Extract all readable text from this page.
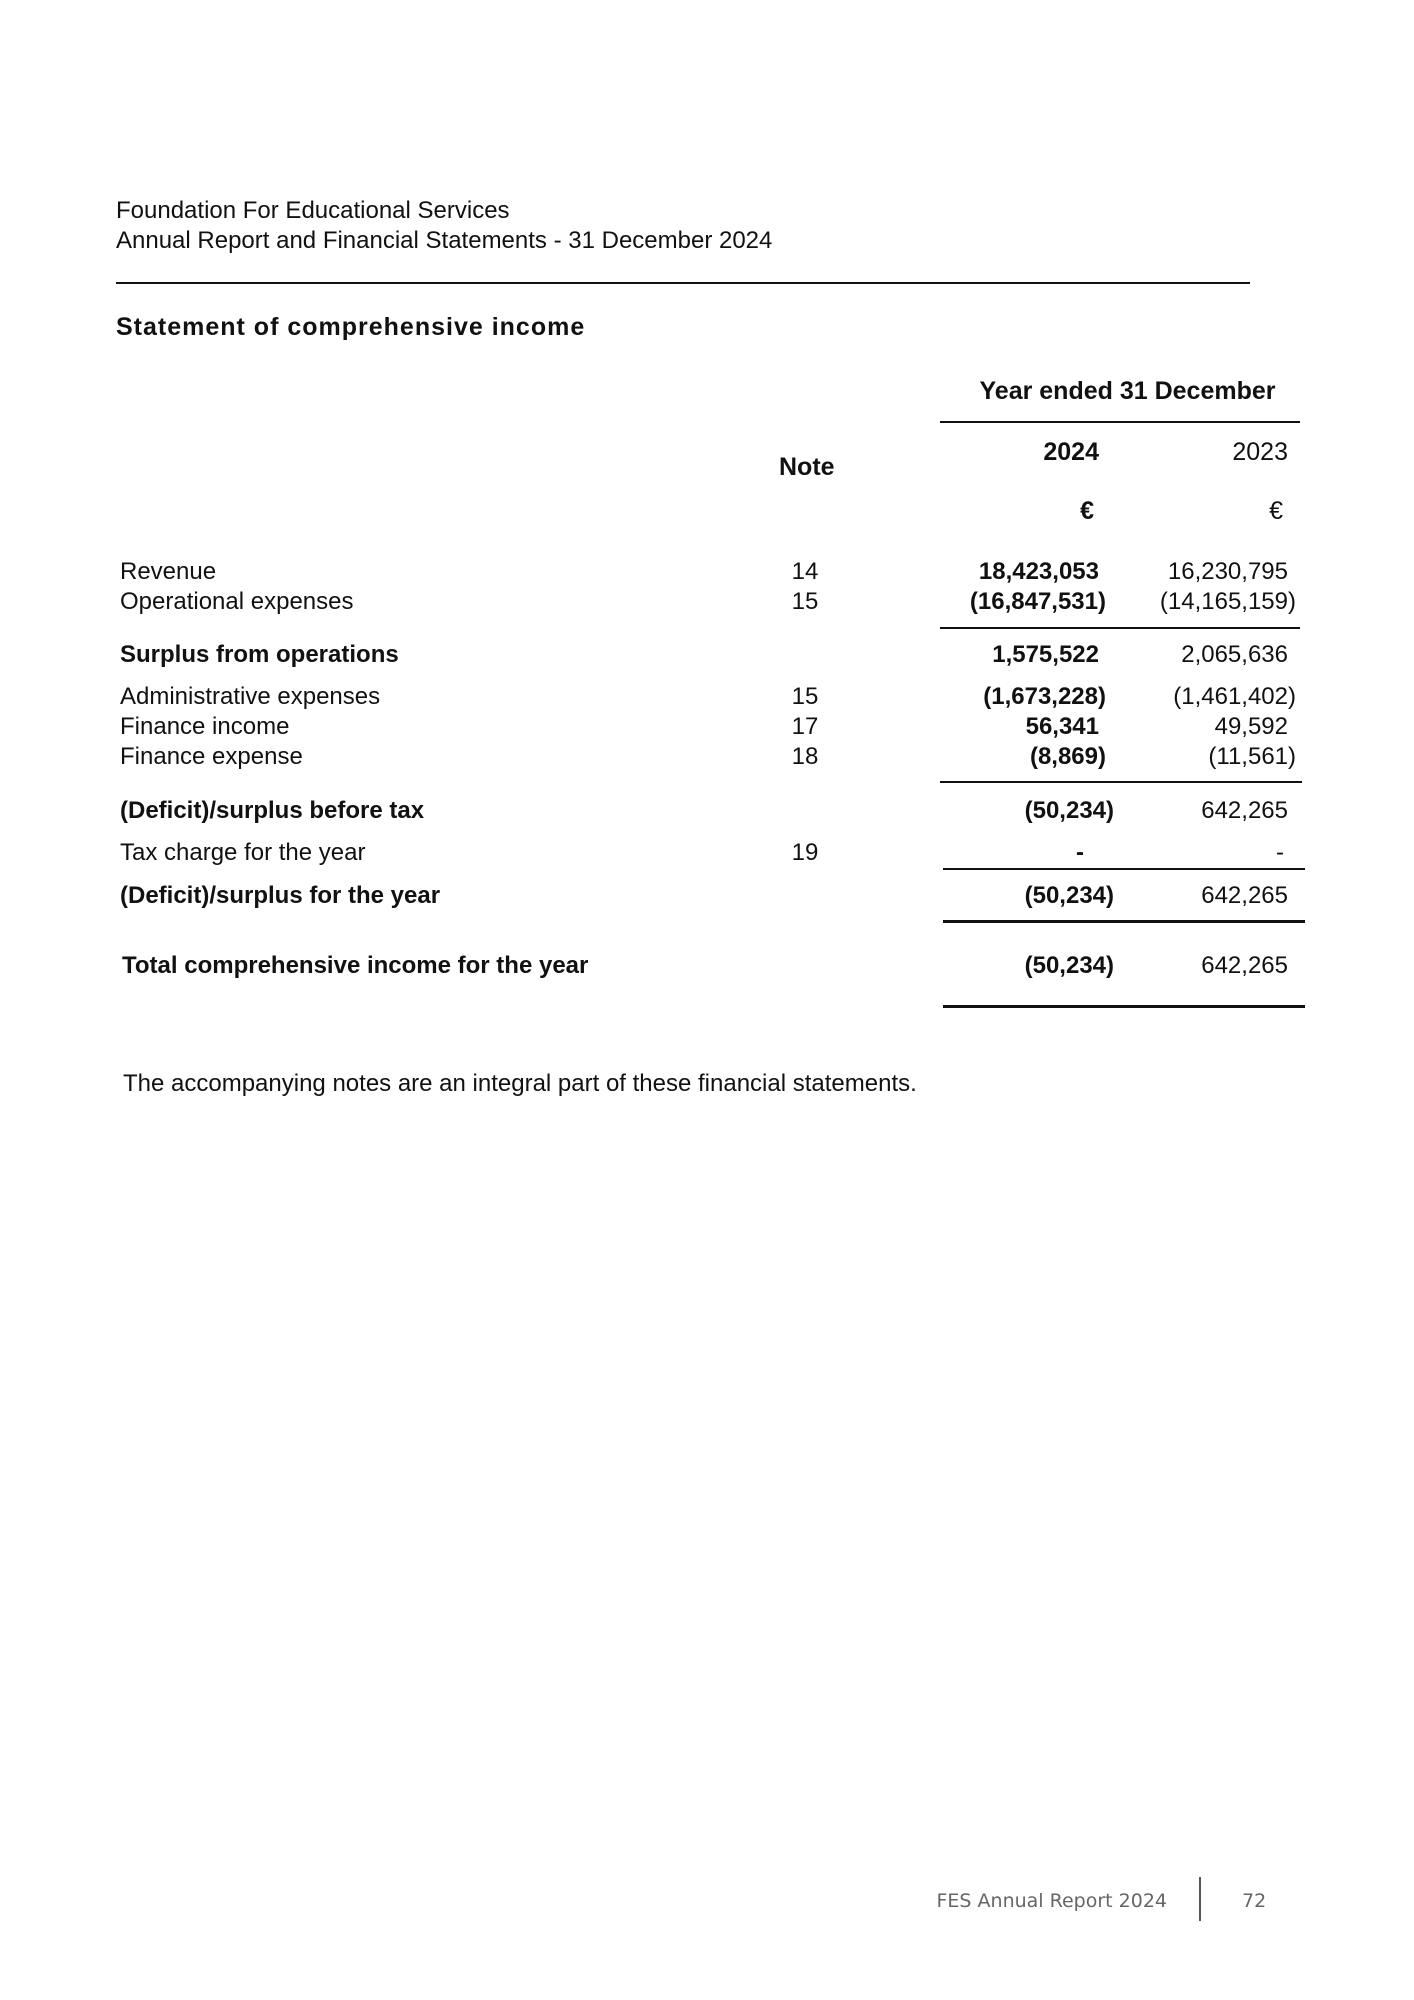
Foundation For Educational Services
Annual Report and Financial Statements - 31 December 2024
Statement of comprehensive income
Year ended 31 December
Note
2024	2023
€	€
Revenue	14	18,423,053	16,230,795
Operational expenses	15	(16,847,531) (14,165,159)
Surplus from operations	1,575,522	2,065,636
Administrative expenses	15	(1,673,228)	(1,461,402)
Finance income	17	56,341	49,592
Finance expense	18	(8,869)	(11,561)
(Deficit)/surplus before tax	(50,234)	642,265
Tax charge for the year	19	-	-
(Deficit)/surplus for the year	(50,234)	642,265
Total comprehensive income for the year	(50,234)	642,265
The accompanying notes are an integral part of these financial statements.
FES Annual Report 2024	72
